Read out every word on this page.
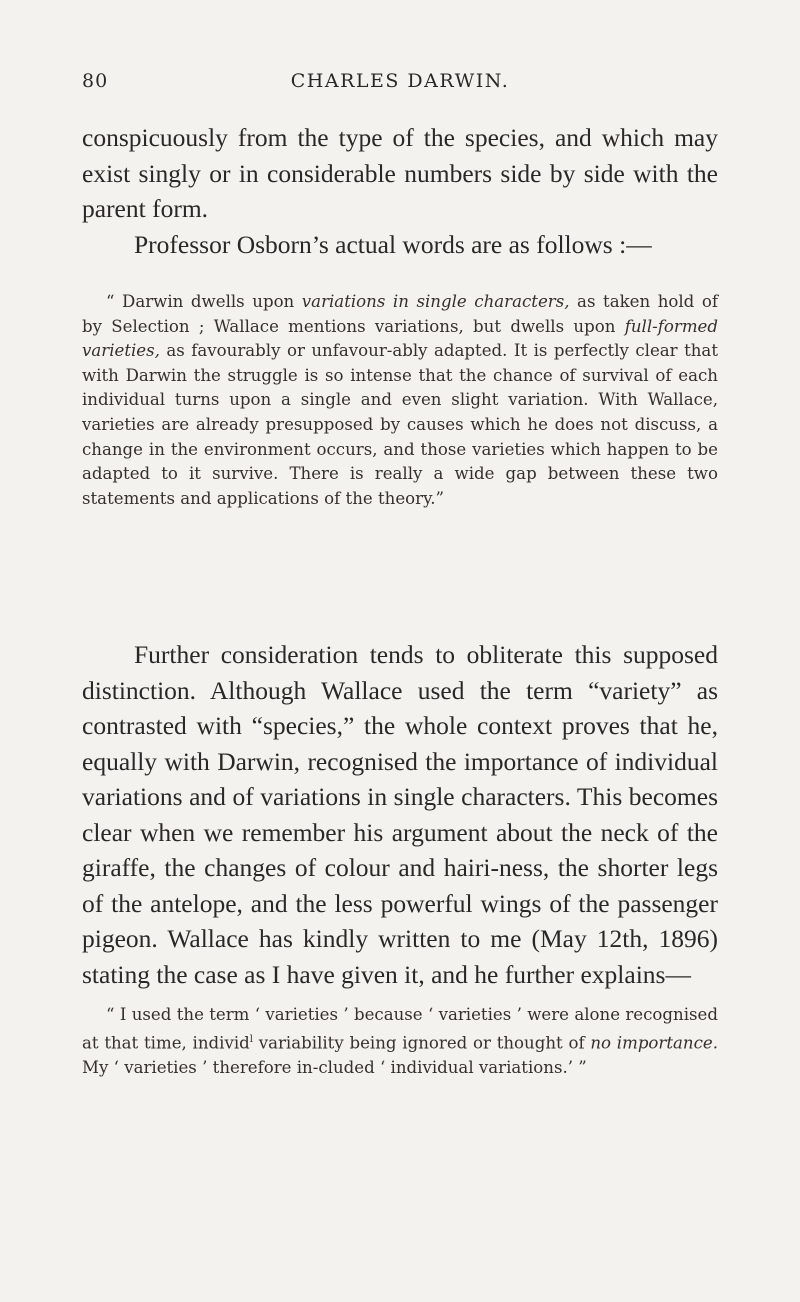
80	CHARLES DARWIN.

conspicuously from the type of the species, and which may exist singly or in considerable numbers side by side with the parent form.

Professor Osborn’s actual words are as follows :—

“ Darwin dwells upon variations in single characters, as taken hold of by Selection ; Wallace mentions variations, but dwells upon full-formed varieties, as favourably or unfavour-ably adapted. It is perfectly clear that with Darwin the struggle is so intense that the chance of survival of each individual turns upon a single and even slight variation. With Wallace, varieties are already presupposed by causes which he does not discuss, a change in the environment occurs, and those varieties which happen to be adapted to it survive. There is really a wide gap between these two statements and applications of the theory.”

Further consideration tends to obliterate this supposed distinction. Although Wallace used the term “variety” as contrasted with “species,” the whole context proves that he, equally with Darwin, recognised the importance of individual variations and of variations in single characters. This becomes clear when we remember his argument about the neck of the giraffe, the changes of colour and hairi-ness, the shorter legs of the antelope, and the less powerful wings of the passenger pigeon. Wallace has kindly written to me (May 12th, 1896) stating the case as I have given it, and he further explains—

“ I used the term ‘ varieties ’ because ‘ varieties ’ were alone recognised at that time, individ$^l$ variability being ignored or thought of no importance. My ‘ varieties ’ therefore in-cluded ‘ individual variations.’ ”
